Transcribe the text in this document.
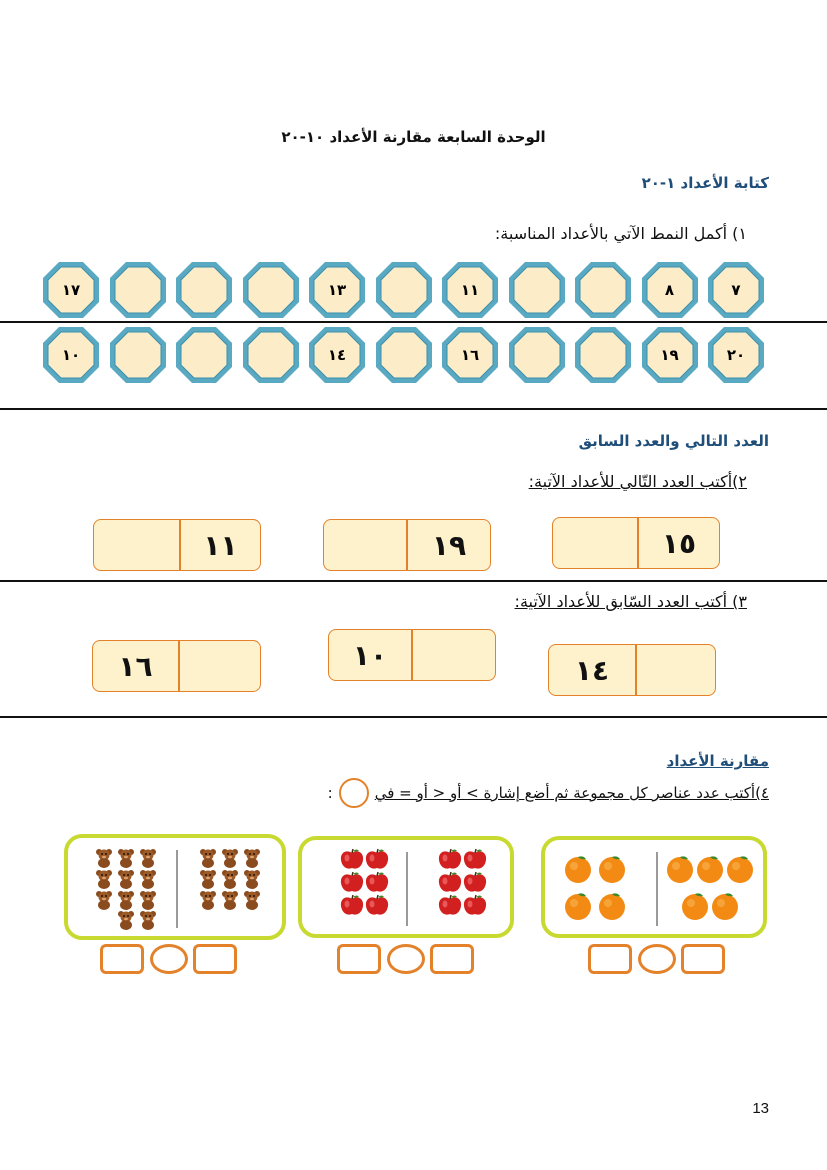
الوحدة السابعة مقارنة الأعداد ١٠-٢٠
كتابة الأعداد ١-٢٠
١) أكمل النمط الآتي بالأعداد المناسبة:
٧
٨
١١
١٣
١٧
٢٠
١٩
١٦
١٤
١٠
العدد التالي والعدد السابق
٢)أكتب العدد التّالي للأعداد الآتية:
١٥
١٩
١١
٣) أكتب العدد السّابق للأعداد الآتية:
١٤
١٠
١٦
مقارنة الأعداد
٤)أكتب عدد عناصر كل مجموعة ثم أضع إشارة > أو < أو = في
:
13
